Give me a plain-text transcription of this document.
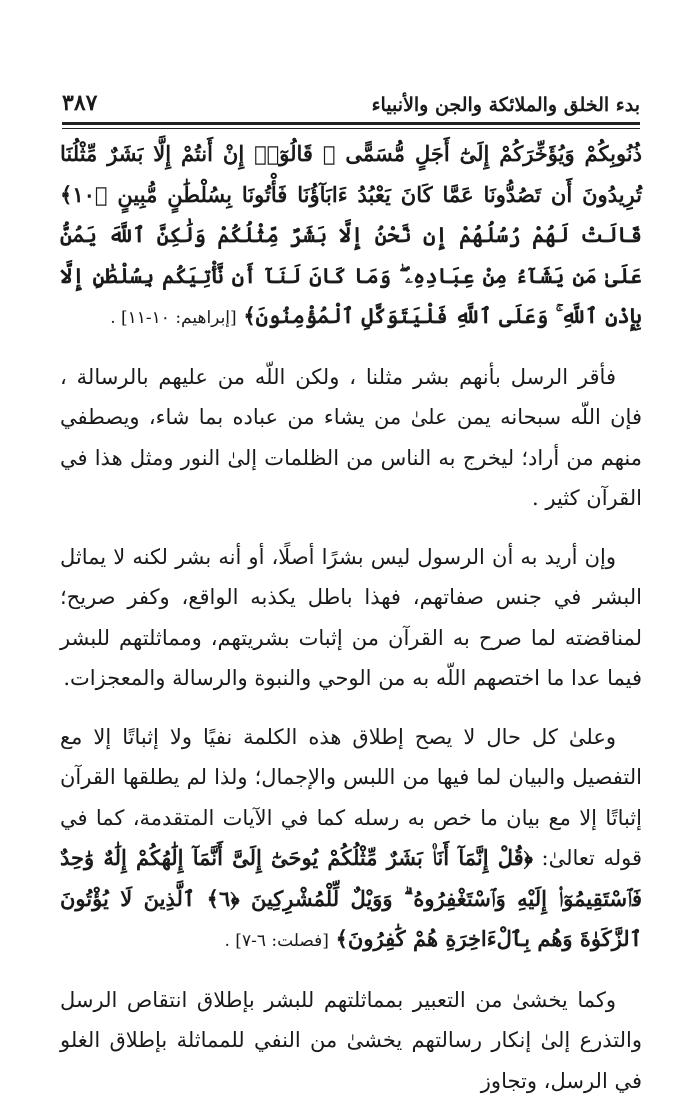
بدء الخلق والملائكة والجن والأنبياء
٣٨٧

ذُنُوبِكُمْ وَيُؤَخِّرَكُمْ إِلَىٰٓ أَجَلٍ مُّسَمًّى ۚ قَالُوٓا۟ إِنْ أَنتُمْ إِلَّا بَشَرٌ مِّثْلُنَا تُرِيدُونَ أَن تَصُدُّونَا عَمَّا كَانَ يَعْبُدُ ءَابَآؤُنَا فَأْتُونَا بِسُلْطَٰنٍ مُّبِينٍ ﴿١٠﴾ قَالَتْ لَهُمْ رُسُلُهُمْ إِن نَّحْنُ إِلَّا بَشَرٌ مِّثْلُكُمْ وَلَٰكِنَّ ٱللَّهَ يَمُنُّ عَلَىٰ مَن يَشَآءُ مِنْ عِبَادِهِۦ ۖ وَمَا كَانَ لَنَآ أَن نَّأْتِيَكُم بِسُلْطَٰنٍ إِلَّا بِإِذْنِ ٱللَّهِ ۚ وَعَلَى ٱللَّهِ فَلْيَتَوَكَّلِ ٱلْمُؤْمِنُونَ﴾ [إبراهيم: ١٠-١١] .

فأقر الرسل بأنهم بشر مثلنا ، ولكن اللّه من عليهم بالرسالة ، فإن اللّه سبحانه يمن علىٰ من يشاء من عباده بما شاء، ويصطفي منهم من أراد؛ ليخرج به الناس من الظلمات إلىٰ النور ومثل هذا في القرآن كثير .

وإن أريد به أن الرسول ليس بشرًا أصلًا، أو أنه بشر لكنه لا يماثل البشر في جنس صفاتهم، فهذا باطل يكذبه الواقع، وكفر صريح؛ لمناقضته لما صرح به القرآن من إثبات بشريتهم، ومماثلتهم للبشر فيما عدا ما اختصهم اللّه به من الوحي والنبوة والرسالة والمعجزات.

وعلىٰ كل حال لا يصح إطلاق هذه الكلمة نفيًا ولا إثباتًا إلا مع التفصيل والبيان لما فيها من اللبس والإجمال؛ ولذا لم يطلقها القرآن إثباتًا إلا مع بيان ما خص به رسله كما في الآيات المتقدمة، كما في قوله تعالىٰ: ﴿قُلْ إِنَّمَآ أَنَا۠ بَشَرٌ مِّثْلُكُمْ يُوحَىٰٓ إِلَىَّ أَنَّمَآ إِلَٰهُكُمْ إِلَٰهٌ وَٰحِدٌ فَٱسْتَقِيمُوٓا۟ إِلَيْهِ وَٱسْتَغْفِرُوهُ ۗ وَوَيْلٌ لِّلْمُشْرِكِينَ ﴿٦﴾ ٱلَّذِينَ لَا يُؤْتُونَ ٱلزَّكَوٰةَ وَهُم بِٱلْءَاخِرَةِ هُمْ كَٰفِرُونَ﴾ [فصلت: ٦-٧] .

وكما يخشىٰ من التعبير بمماثلتهم للبشر بإطلاق انتقاص الرسل والتذرع إلىٰ إنكار رسالتهم يخشىٰ من النفي للمماثلة بإطلاق الغلو في الرسل، وتجاوز
